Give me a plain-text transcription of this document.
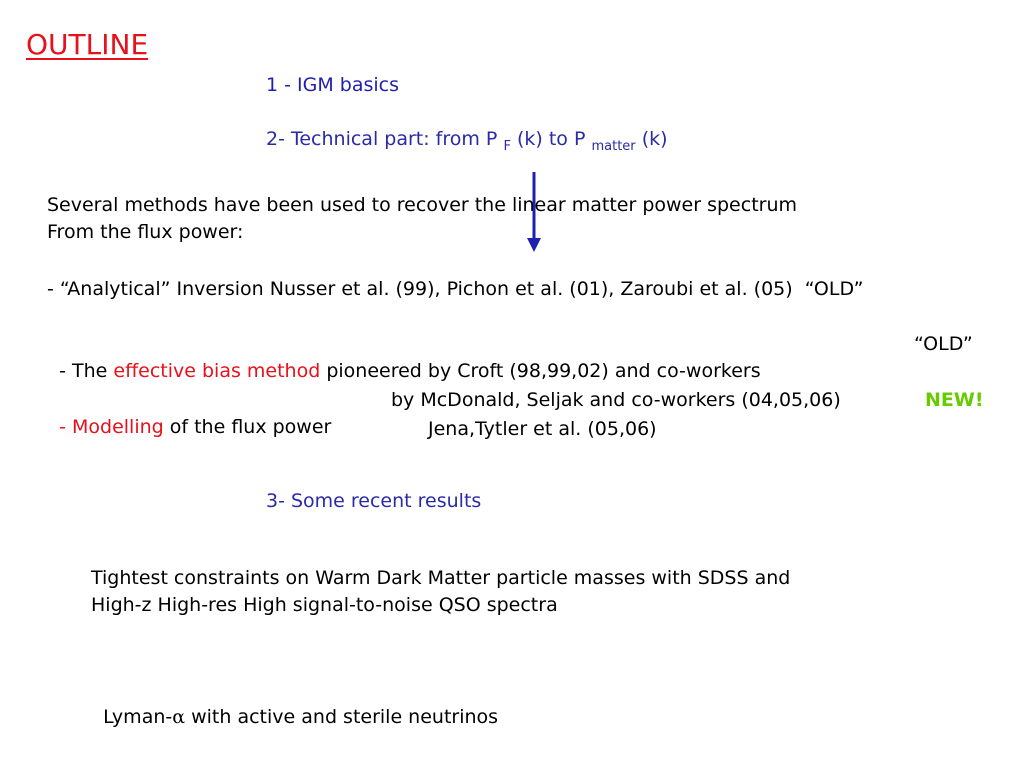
OUTLINE
1 - IGM basics
2- Technical part: from P $_F$ (k) to P $_{matter}$ (k)
Several methods have been used to recover the linear matter power spectrum
From the flux power:
- “Analytical” Inversion Nusser et al. (99), Pichon et al. (01), Zaroubi et al. (05)  “OLD”

- The effective bias method pioneered by Croft (98,99,02) and co-workers

“OLD”

- Modelling of the flux power

by McDonald, Seljak and co-workers (04,05,06)	NEW!
Jena,Tytler et al. (05,06)
3- Some recent results
Tightest constraints on Warm Dark Matter particle masses with SDSS and
High-z High-res High signal-to-noise QSO spectra

Lyman-α with active and sterile neutrinos
